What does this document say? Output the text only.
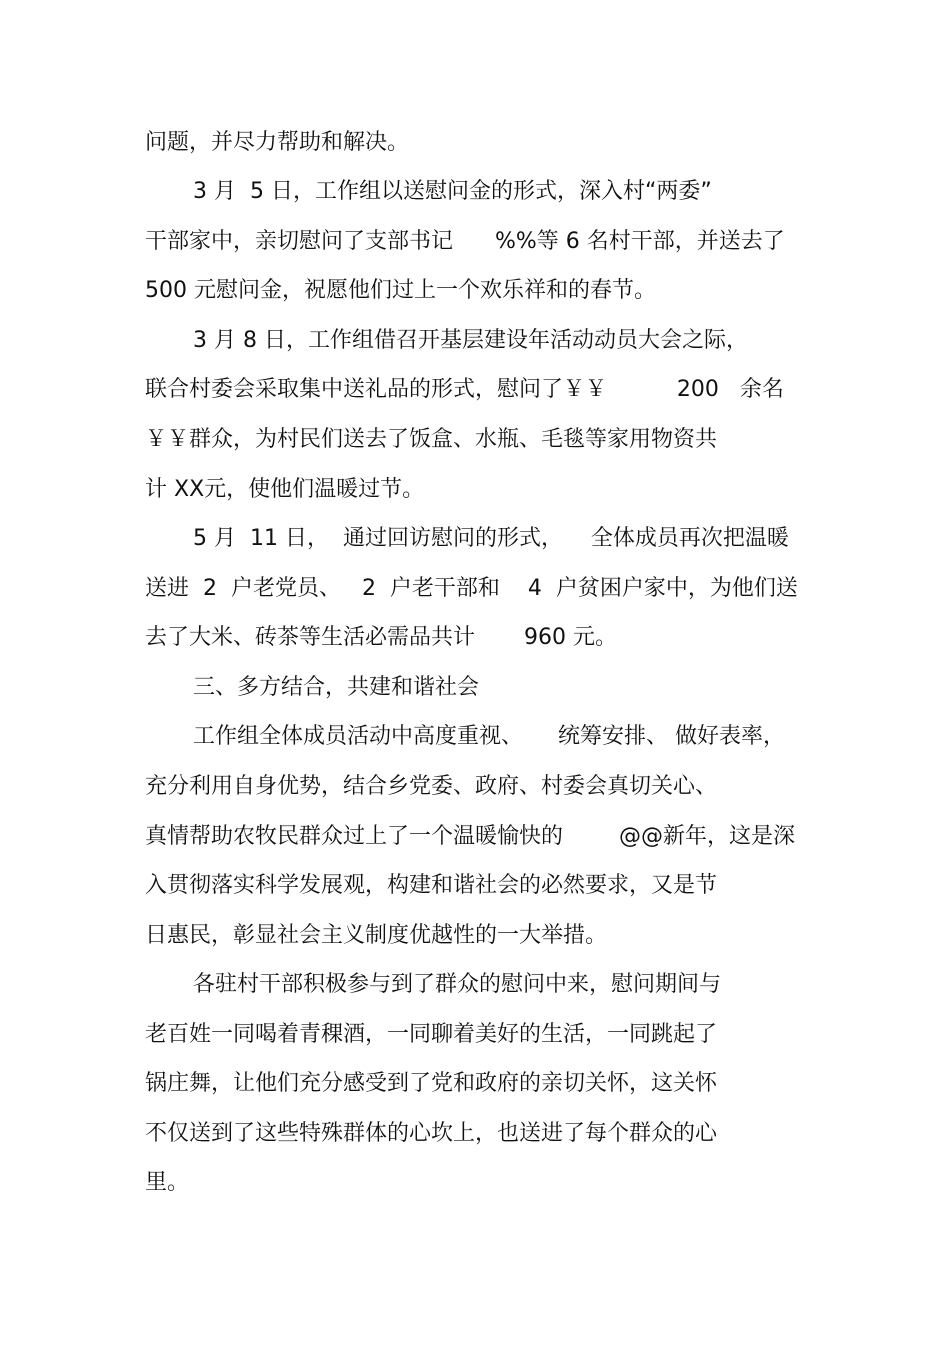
问题，并尽力帮助和解决。
3 月  5 日，工作组以送慰问金的形式，深入村“两委”
干部家中，亲切慰问了支部书记      %%等 6 名村干部，并送去了
500 元慰问金，祝愿他们过上一个欢乐祥和的春节。
3 月 8 日，工作组借召开基层建设年活动动员大会之际，
联合村委会采取集中送礼品的形式，慰问了￥￥          200   余名
￥￥群众，为村民们送去了饭盒、水瓶、毛毯等家用物资共
计 XX元，使他们温暖过节。
5 月  11 日，  通过回访慰问的形式，    全体成员再次把温暖
送进  2  户老党员、   2  户老干部和    4  户贫困户家中，为他们送
去了大米、砖茶等生活必需品共计       960 元。
三、多方结合，共建和谐社会
工作组全体成员活动中高度重视、     统筹安排、 做好表率，
充分利用自身优势，结合乡党委、政府、村委会真切关心、
真情帮助农牧民群众过上了一个温暖愉快的        @@新年，这是深
入贯彻落实科学发展观，构建和谐社会的必然要求，又是节
日惠民，彰显社会主义制度优越性的一大举措。
各驻村干部积极参与到了群众的慰问中来，慰问期间与
老百姓一同喝着青稞酒，一同聊着美好的生活，一同跳起了
锅庄舞，让他们充分感受到了党和政府的亲切关怀，这关怀
不仅送到了这些特殊群体的心坎上，也送进了每个群众的心
里。
